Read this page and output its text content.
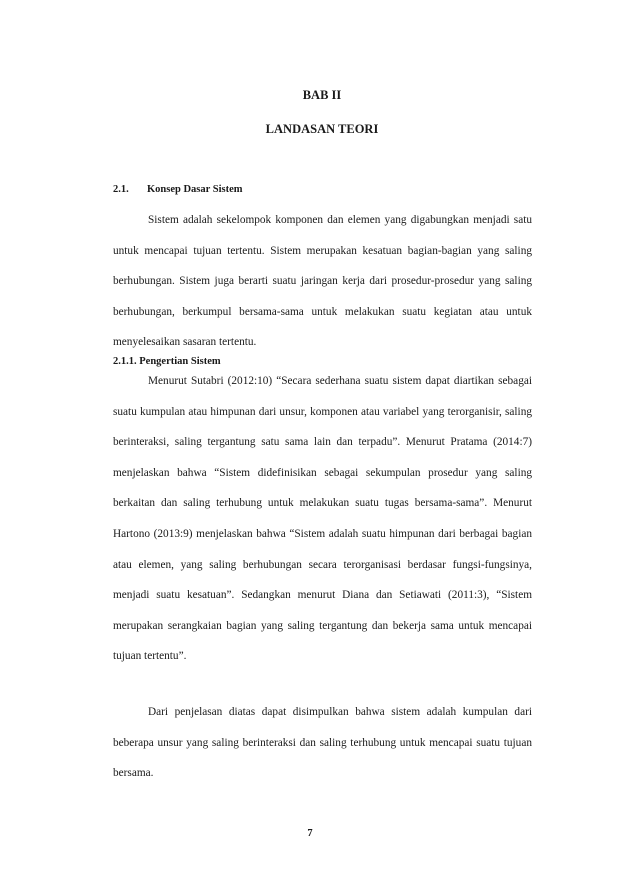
BAB II
LANDASAN TEORI

2.1. Konsep Dasar Sistem

Sistem adalah sekelompok komponen dan elemen yang digabungkan menjadi satu untuk mencapai tujuan tertentu. Sistem merupakan kesatuan bagian-bagian yang saling berhubungan. Sistem juga berarti suatu jaringan kerja dari prosedur-prosedur yang saling berhubungan, berkumpul bersama-sama untuk melakukan suatu kegiatan atau untuk menyelesaikan sasaran tertentu.

2.1.1. Pengertian Sistem

Menurut Sutabri (2012:10) “Secara sederhana suatu sistem dapat diartikan sebagai suatu kumpulan atau himpunan dari unsur, komponen atau variabel yang terorganisir, saling berinteraksi, saling tergantung satu sama lain dan terpadu”. Menurut Pratama (2014:7) menjelaskan bahwa “Sistem didefinisikan sebagai sekumpulan prosedur yang saling berkaitan dan saling terhubung untuk melakukan suatu tugas bersama-sama”. Menurut Hartono (2013:9) menjelaskan bahwa “Sistem adalah suatu himpunan dari berbagai bagian atau elemen, yang saling berhubungan secara terorganisasi berdasar fungsi-fungsinya, menjadi suatu kesatuan”. Sedangkan menurut Diana dan Setiawati (2011:3), “Sistem merupakan serangkaian bagian yang saling tergantung dan bekerja sama untuk mencapai tujuan tertentu”.

Dari penjelasan diatas dapat disimpulkan bahwa sistem adalah kumpulan dari beberapa unsur yang saling berinteraksi dan saling terhubung untuk mencapai suatu tujuan bersama.

7
